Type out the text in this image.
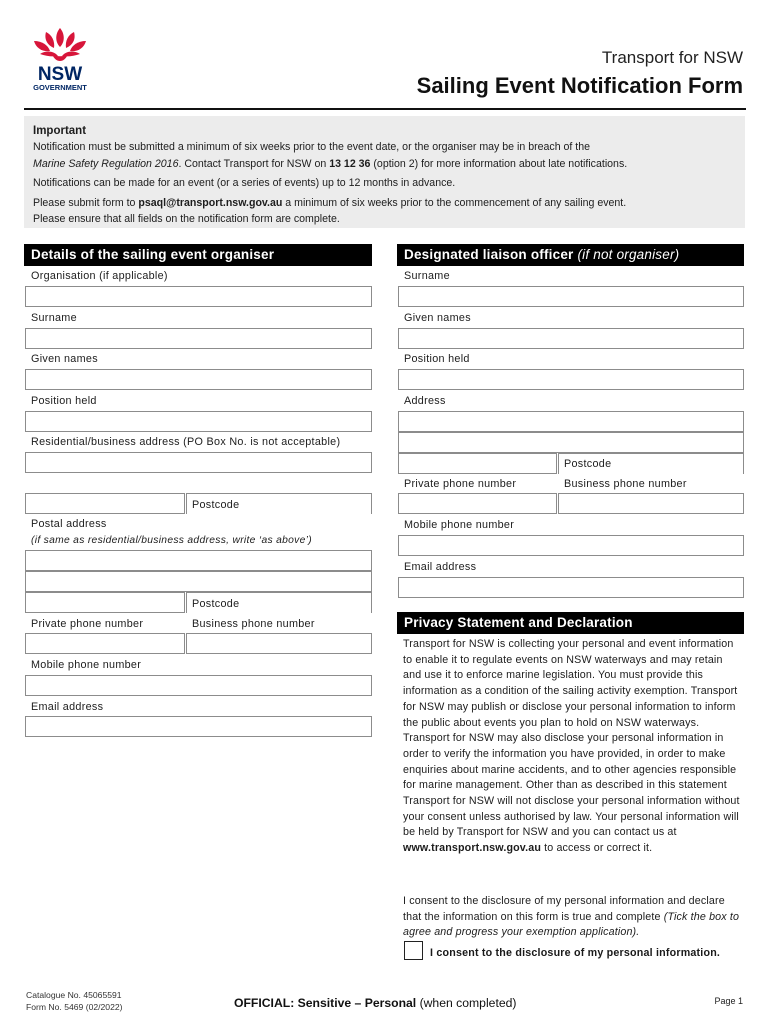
NSW
GOVERNMENT
Transport for NSW
Sailing Event Notification Form
Important

Notification must be submitted a minimum of six weeks prior to the event date, or the organiser may be in breach of the

Marine Safety Regulation 2016. Contact Transport for NSW on 13 12 36 (option 2) for more information about late notifications.

Notifications can be made for an event (or a series of events) up to 12 months in advance.

Please submit form to psaql@transport.nsw.gov.au a minimum of six weeks prior to the commencement of any sailing event.

Please ensure that all fields on the notification form are complete.

Details of the sailing event organiser
Organisation (if applicable)
Surname
Given names
Position held
Residential/business address (PO Box No. is not acceptable)
Postcode
Postal address
(if same as residential/business address, write ‘as above’)
Postcode
Private phone number	Business phone number
Mobile phone number
Email address
Designated liaison officer (if not organiser)
Surname
Given names
Position held
Address
Postcode
Private phone number	Business phone number
Mobile phone number
Email address
Privacy Statement and Declaration
Transport for NSW is collecting your personal and event information to enable it to regulate events on NSW waterways and may retain and use it to enforce marine legislation. You must provide this information as a condition of the sailing activity exemption. Transport for NSW may publish or disclose your personal information to inform the public about events you plan to hold on NSW waterways. Transport for NSW may also disclose your personal information in order to verify the information you have provided, in order to make enquiries about marine accidents, and to other agencies responsible for marine management. Other than as described in this statement Transport for NSW will not disclose your personal information without your consent unless authorised by law. Your personal information will be held by Transport for NSW and you can contact us at www.transport.nsw.gov.au to access or correct it.
I consent to the disclosure of my personal information and declare that the information on this form is true and complete (Tick the box to agree and progress your exemption application).
I consent to the disclosure of my personal information.
Catalogue No. 45065591
Form No. 5469 (02/2022)	OFFICIAL: Sensitive – Personal (when completed)	Page 1
